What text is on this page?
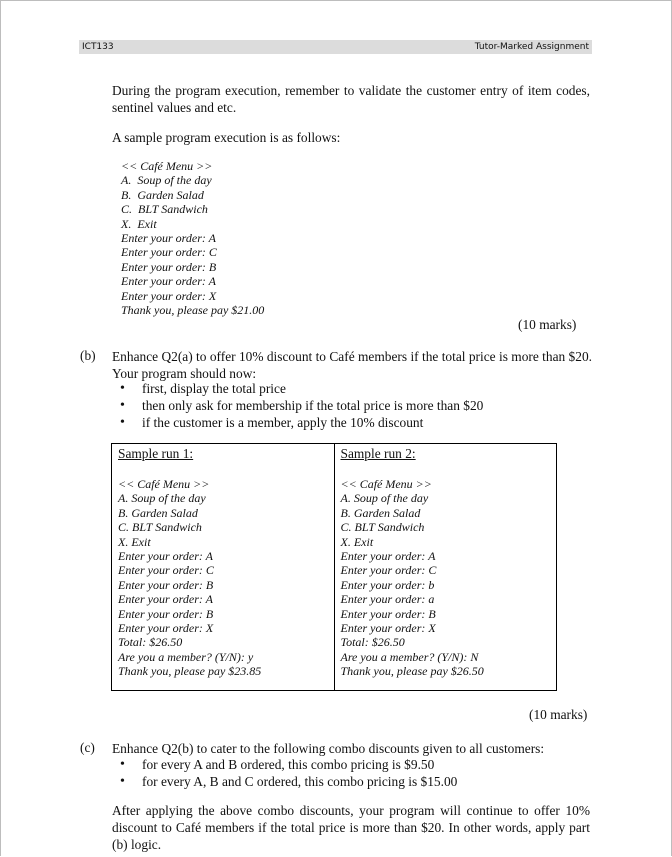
ICT133	Tutor-Marked Assignment
During the program execution, remember to validate the customer entry of item codes, sentinel values and etc.
A sample program execution is as follows:
<< Café Menu >>
A.  Soup of the day
B.  Garden Salad
C.  BLT Sandwich
X.  Exit
Enter your order: A
Enter your order: C
Enter your order: B
Enter your order: A
Enter your order: X
Thank you, please pay $21.00
(10 marks)
(b) Enhance Q2(a) to offer 10% discount to Café members if the total price is more than $20. Your program should now:
• first, display the total price
• then only ask for membership if the total price is more than $20
• if the customer is a member, apply the 10% discount
Sample run 1:
<< Café Menu >>
A. Soup of the day
B. Garden Salad
C. BLT Sandwich
X. Exit
Enter your order: A
Enter your order: C
Enter your order: B
Enter your order: A
Enter your order: B
Enter your order: X
Total: $26.50
Are you a member? (Y/N): y
Thank you, please pay $23.85
Sample run 2:
<< Café Menu >>
A. Soup of the day
B. Garden Salad
C. BLT Sandwich
X. Exit
Enter your order: A
Enter your order: C
Enter your order: b
Enter your order: a
Enter your order: B
Enter your order: X
Total: $26.50
Are you a member? (Y/N): N
Thank you, please pay $26.50
(10 marks)
(c) Enhance Q2(b) to cater to the following combo discounts given to all customers:
• for every A and B ordered, this combo pricing is $9.50
• for every A, B and C ordered, this combo pricing is $15.00
After applying the above combo discounts, your program will continue to offer 10% discount to Café members if the total price is more than $20. In other words, apply part (b) logic.
